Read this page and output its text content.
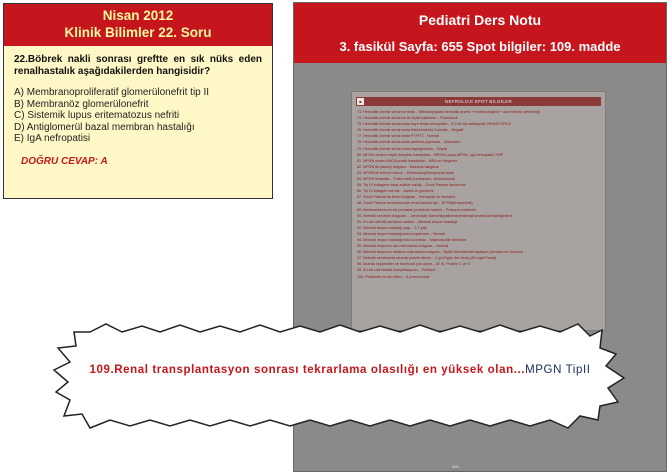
Nisan 2012
Klinik Bilimler 22. Soru
22.Böbrek nakli sonrası greftte en sık nüks eden renalhastalık aşağıdakilerden hangisidir?
A) Membranoproliferatif glomerülonefrit tip II
B) Membranöz glomerülonefrit
C) Sistemik lupus eritematozus nefriti
D) Antiglomerül bazal membran hastalığı
E) IgA nefropatisi
DOĞRU CEVAP: A
Pediatri Ders Notu
3. fasikül Sayfa: 655 Spot bilgiler: 109. madde
■	NEFROLOJİ SPOT BİLGİLER
73. Hemolitik üremik sendrom tiradı... Mikroanjiopatik hemolitik anemi + trombositopeni + akut böbrek yetmezliği
74. Hemolitik üremik sendrom ile ilişkili bakteriler... Pnömokok
75. Hemolitik üremik sendromda kayıt tedavi etmeyelim... E.Coli için antibiyotik VERMİYORUZ
76. Hemolitik üremik sendromda direkt/indirekt Coombs... Negatif
77. Hemolitik üremik sendromda PT/PTT... Normal
78. Hemolitik üremik sendromda periferik yaymada... Şistositler
79. Hemolitik üremik sendromda haptoglobulin... Düşük
80. MPGN nedeni maple komplek hastalıklar... MPGN,Lupus,MPGN, İgA nefropatisi, HSP
81. MPGN neden ANCA pozitif hastalıklar... MPA ve Wegener
82. MPGN'de patoloji bulgusu... Mezanşi ülagama
83. MPGN'de birincil marcılı... Elektroskopi/koriyonhal optal
84. MPGN tedavide... Pulse metil prednizolon, siklofosfamid
85. Tip IV kollagene karşı antikor varlığı... Good Pasture sendromu
86. Tip IV kollagen merdiz... Alveol ve glomerül
87. Good Pasture'da temel bulgular... Hemoptizi ve hematüri
88. Good Pasture sendromunda renal tutulum tipi... RPGN(krescentrik)
89. Adolesanlarda en sık persistan proteinüri nedeni... Postural proteinüri
90. Nefrotik sendrom bulguları... Jeneralize ödem/hipoalbüminemi/masif proteinüri/hiperlipidemi
91. En sık nefrotik sendrom nedeni... Minimal lezyon hastalığı
92. Minimal lezyon hastalığı yaşı... 2-7 yaş
93. Minimal lezyon hastalığında kompleman... Normal
94. Minimal lezyon hastalığında bulunmaz... Makroskobik hematüri
95. Minimal lezyonun ışık mikroskobu bulgusu... Normal
96. Minimal lezyonun elektron mikroskobu bulgusu... Epitel hücrelerinde ayakçık çıkıntılarının füzyonu
97. Nefrotik sendromda idrarda protein atılımı... 2 g/m²/gün den fazla (40 mg/m²/saat)
98. İdrarda hepatolitler ve trombosit yok uyum... AT III, Protein C ve S
99. En sık nefrotoksik komplikasyonu... Peritonit
100. Peritonite en sık etken... S.pneumoniae
655
109.Renal transplantasyon sonrası tekrarlama olasılığı en yüksek olan...MPGN TipII
